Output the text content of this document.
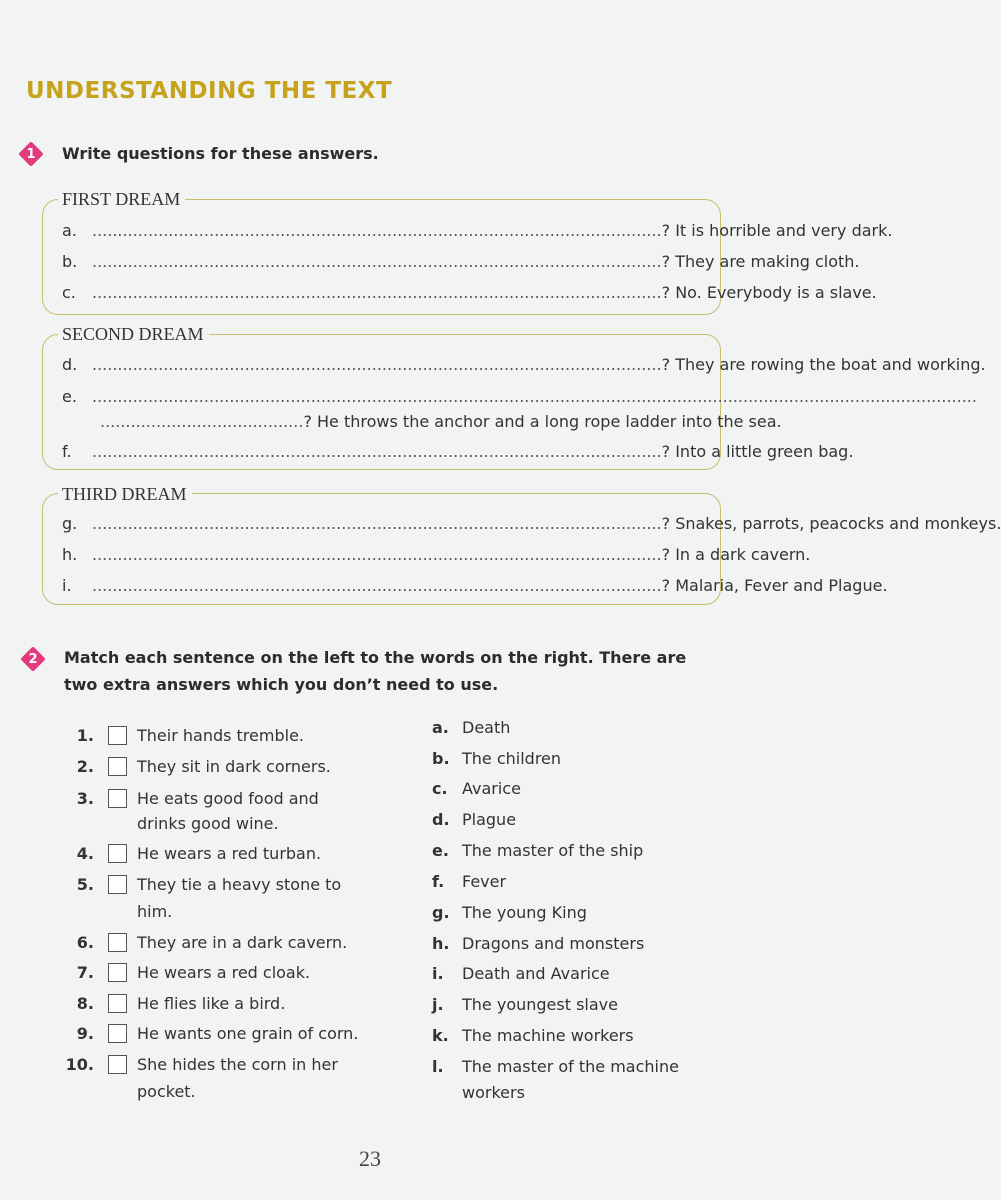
UNDERSTANDING THE TEXT
1 Write questions for these answers.
FIRST DREAM
a. ................................................................................................................ ? It is horrible and very dark.
b. ................................................................................................................ ? They are making cloth.
c.	................................................................................................................ ? No. Everybody is a slave.
SECOND DREAM
d. ................................................................................................................ ? They are rowing the boat and working.
e. ..............................................................................................................................................................................
........................................ ? He throws the anchor and a long rope ladder into the sea.
f.	................................................................................................................ ? Into a little green bag.
THIRD DREAM
g. ................................................................................................................ ? Snakes, parrots, peacocks and monkeys.
h. ................................................................................................................ ? In a dark cavern.
i.	................................................................................................................ ? Malaria, Fever and Plague.
2 Match each sentence on the left to the words on the right. There are
two extra answers which you don’t need to use.
1.	Their hands tremble.
2.	They sit in dark corners.
3.	He eats good food and
drinks good wine.
4.	He wears a red turban.
5.	They tie a heavy stone to
him.
6.	They are in a dark cavern.
7.	He wears a red cloak.
8.	He flies like a bird.
9.	He wants one grain of corn.
10.	She hides the corn in her
pocket.
a. Death
b. The children
c. Avarice
d. Plague
e. The master of the ship
f. Fever
g. The young King
h. Dragons and monsters
i. Death and Avarice
j. The youngest slave
k. The machine workers
l. The master of the machine
workers
23
